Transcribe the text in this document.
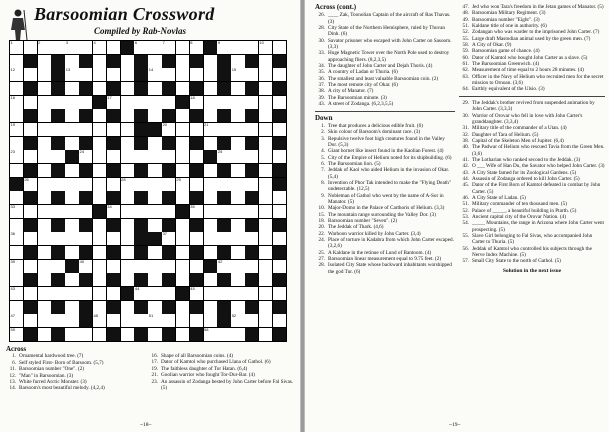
Barsoomian Crossword
Compiled by Rab-Novlas
1	2	3	4	6	7	8	9	10
12	13	14	15
16	17	18
19	20	21
23	24	25
26	28	29
33	34	35
36	37
39	40	42
43	44	45
47	48	51	52
55	58
Across
1. Ornamental hardwood tree. (7)
6. Self styled First- Born of Barsoom. (5,7)
11. Barsoomian number "One". (2)
12. "Man" in Barsoomian. (3)
13. White furred Arctic Monster. (3)
14. Barsoom's most beautiful melody. (4,2,4)
16. Shape of all Barsoomian coins. (4)
17. Dator of Kamtol who purchased Llana of Gathol. (6)
19. The faithless daughter of Tor Hatan. (6,4)
21. Goolian warrior who fought Tor-Dur-Bar. (4)
23. An assassin of Zodanga bested by John Carter before Fal Sivas. (5)
~18~
Across (cont.)
26. ____ Zak, Toonolian Captain of the aircraft of Ras Thavas. (3)
28. City State of the Northern Hemisphere, ruled by Thuvan Dinh. (6)
30. Savator prisoner who escaped with John Carter on Sasoom. (3,3)
33. Huge Magnetic Tower over the North Pole used to destroy approaching fliers. (8,2,3,5)
34. The daughter of John Carter and Dejah Thoris. (4)
35. A country of Ladan or Thuria. (6)
36. The smallest and least valuable Barsoomian coin. (2)
37. The most remote city of Okar. (6)
38. A city of Manator. (7)
39. The Barsoomian minute. (3)
43. A street of Zodanga. (6,2,3,5,5)
Down
1. Tree that produces a delicious edible fruit. (6)
2. Skin colour of Barsoom's dominant race. (3)
3. Repulsive twelve foot high creatures found in the Valley Dor. (5,3)
4. Giant hornet like insect found in the Kaolian Forest. (4)
5. City of the Empire of Helium noted for its shipbuilding. (6)
6. The Barsoomian lion. (5)
7. Jeddak of Kaol who aided Helium in the invasion of Okar. (5,4)
8. Invention of Phor Tak intended to make the "Flying Death" undetectable. (12,5)
9. Nobleman of Gathol who went by the name of A-Sor in Manator. (5)
10. Major-Domo in the Palace of Carthoris of Helium. (3,3)
15. The mountain range surrounding the Valley Dor. (3)
18. Barsoomian number "Seven". (2)
20. The Jeddak of Thark. (4,6)
22. Warhoon warrior killed by John Carter. (3,4)
24. Place of torture in Kadabra from which John Carter escaped. (3,2,6)
25. A Kaldane in the retinue of Lund of Bantoom. (4)
27. Barsoomian linear measurement equal to 9.75 feet. (2)
28. Isolated City State whose backward inhabitants worshipped the god Tur. (6)
47. Jed who won Tara's freedom in the Jetan games of Manator. (5)
48. Barsoomian Military Regiment. (3)
49. Barsoomian number "Eight". (3)
51. Kaldane title of one in authority. (6)
52. Zodangan who was warder to the imprisoned John Carter. (7)
55. Large draft Mastodian animal used by the green men. (7)
58. A City of Okar. (9)
59. Barsoomian game of chance. (4)
60. Dator of Kamtol who bought John Carter as a slave. (5)
61. The Barsoomian Greenwich. (4)
62. Measurement of time equal to 2 hours 28 minutes. (4)
63. Officer in the Navy of Helium who recruited men for the secret mission to Ornoan. (3,6)
64. Earthly equivalent of the Ulsio. (3)
29. The Jeddak's brother revived from suspended animation by John Carter. (3,3,3)
30. Warrior of Orovar who fell in love with John Carter's granddaughter. (3,3,4)
31. Military title of the commander of a Utan. (4)
32. Daughter of Tara of Helium. (5)
38. Capital of the Skeleton Men of Jupiter. (6,4)
40. The Padwar of Helium who rescued Tavia from the Green Men. (3,6)
41. The Lotharian who ranked second to the Jeddak. (3)
42. O ___ Wife of Han Du, the Savator who helped John Carter. (3)
43. A City State famed for its Zoological Gardens. (5)
44. Assassin of Zodanga ordered to kill John Carter. (5)
45. Dator of the First Born of Kamtol defeated in combat by John Carter. (5)
46. A City State of Ladan. (5)
51. Military commander of ten thousand men. (5)
52. Palace of _____, a beautiful building in Ptarth. (5)
53. Ancient capital city of the Orovar Nation. (4)
54. _____ Mountains, the range in Arizona where John Carter went prospecting. (5)
55. Slave Girl belonging to Fal Sivas, who accompanied John Carter to Thuria. (5)
56. Jeddak of Kamtol who controlled his subjects through the Nerve Index Machine. (5)
57. Small City State to the north of Gathol. (5)
Solution in the next issue
~19~
